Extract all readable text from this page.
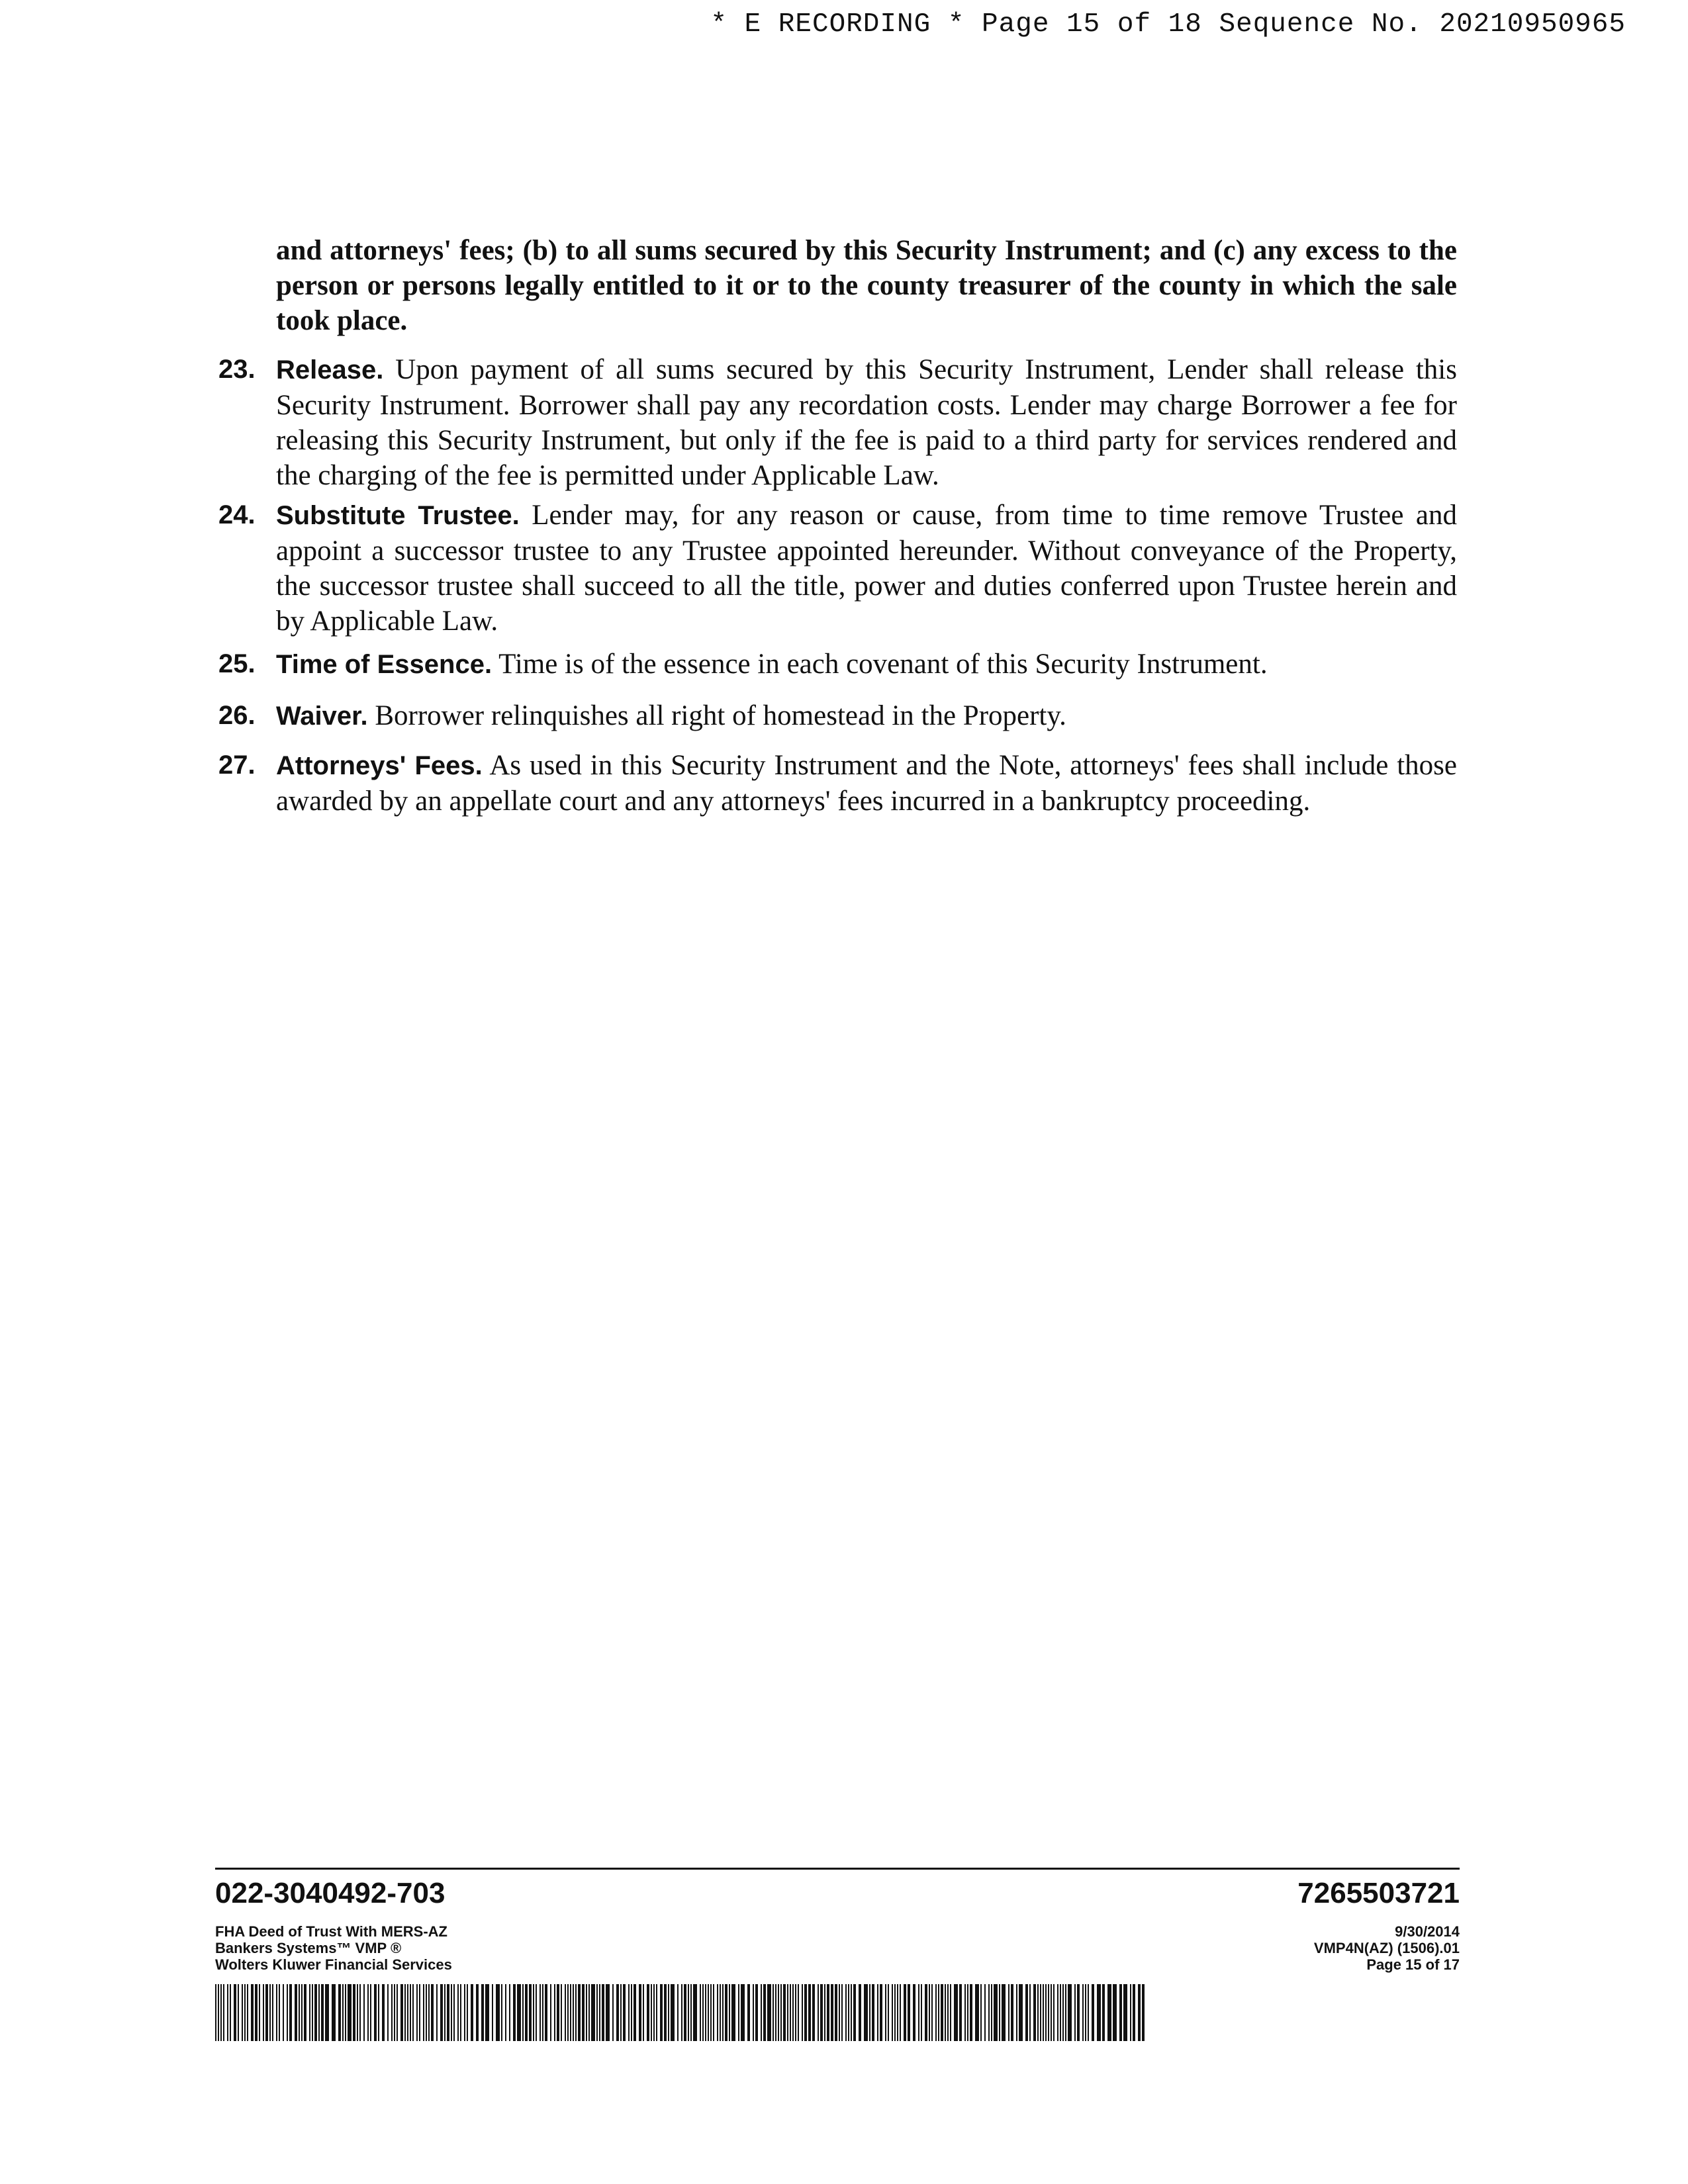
* E RECORDING * Page 15 of 18 Sequence No. 20210950965
and attorneys' fees; (b) to all sums secured by this Security Instrument; and (c) any excess to the person or persons legally entitled to it or to the county treasurer of the county in which the sale took place.
23. Release. Upon payment of all sums secured by this Security Instrument, Lender shall release this Security Instrument. Borrower shall pay any recordation costs. Lender may charge Borrower a fee for releasing this Security Instrument, but only if the fee is paid to a third party for services rendered and the charging of the fee is permitted under Applicable Law.
24. Substitute Trustee. Lender may, for any reason or cause, from time to time remove Trustee and appoint a successor trustee to any Trustee appointed hereunder. Without conveyance of the Property, the successor trustee shall succeed to all the title, power and duties conferred upon Trustee herein and by Applicable Law.
25. Time of Essence. Time is of the essence in each covenant of this Security Instrument.
26. Waiver. Borrower relinquishes all right of homestead in the Property.
27. Attorneys' Fees. As used in this Security Instrument and the Note, attorneys' fees shall include those awarded by an appellate court and any attorneys' fees incurred in a bankruptcy proceeding.
022-3040492-703	7265503721
FHA Deed of Trust With MERS-AZ
Bankers Systems™ VMP ®
Wolters Kluwer Financial Services
9/30/2014
VMP4N(AZ) (1506).01
Page 15 of 17
